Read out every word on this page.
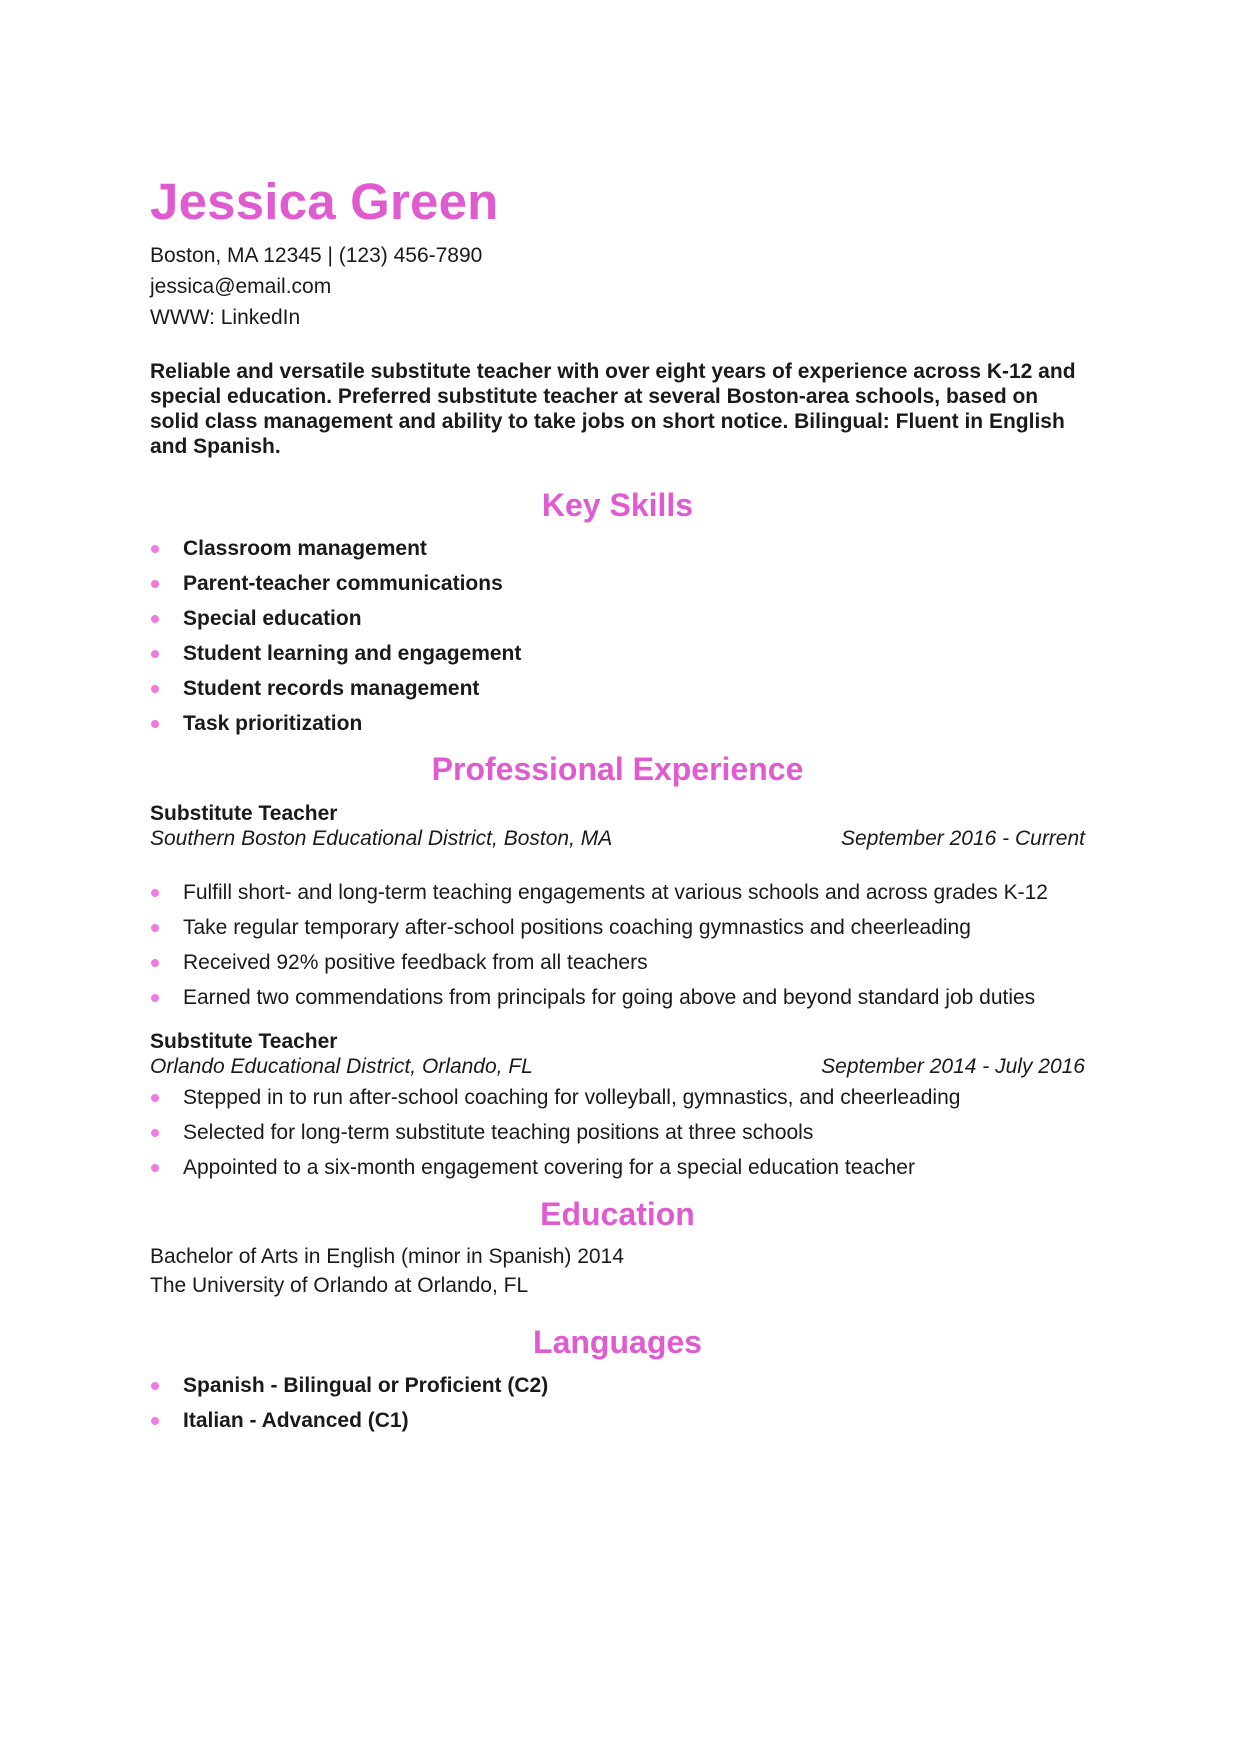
Jessica Green
Boston, MA 12345 | (123) 456-7890
jessica@email.com
WWW: LinkedIn
Reliable and versatile substitute teacher with over eight years of experience across K-12 and special education. Preferred substitute teacher at several Boston-area schools, based on solid class management and ability to take jobs on short notice. Bilingual: Fluent in English and Spanish.
Key Skills
Classroom management
Parent-teacher communications
Special education
Student learning and engagement
Student records management
Task prioritization
Professional Experience
Substitute Teacher
Southern Boston Educational District, Boston, MA	September 2016 - Current
Fulfill short- and long-term teaching engagements at various schools and across grades K-12
Take regular temporary after-school positions coaching gymnastics and cheerleading
Received 92% positive feedback from all teachers
Earned two commendations from principals for going above and beyond standard job duties
Substitute Teacher
Orlando Educational District, Orlando, FL	September 2014 - July 2016
Stepped in to run after-school coaching for volleyball, gymnastics, and cheerleading
Selected for long-term substitute teaching positions at three schools
Appointed to a six-month engagement covering for a special education teacher
Education
Bachelor of Arts in English (minor in Spanish) 2014
The University of Orlando at Orlando, FL
Languages
Spanish - Bilingual or Proficient (C2)
Italian - Advanced (C1)
